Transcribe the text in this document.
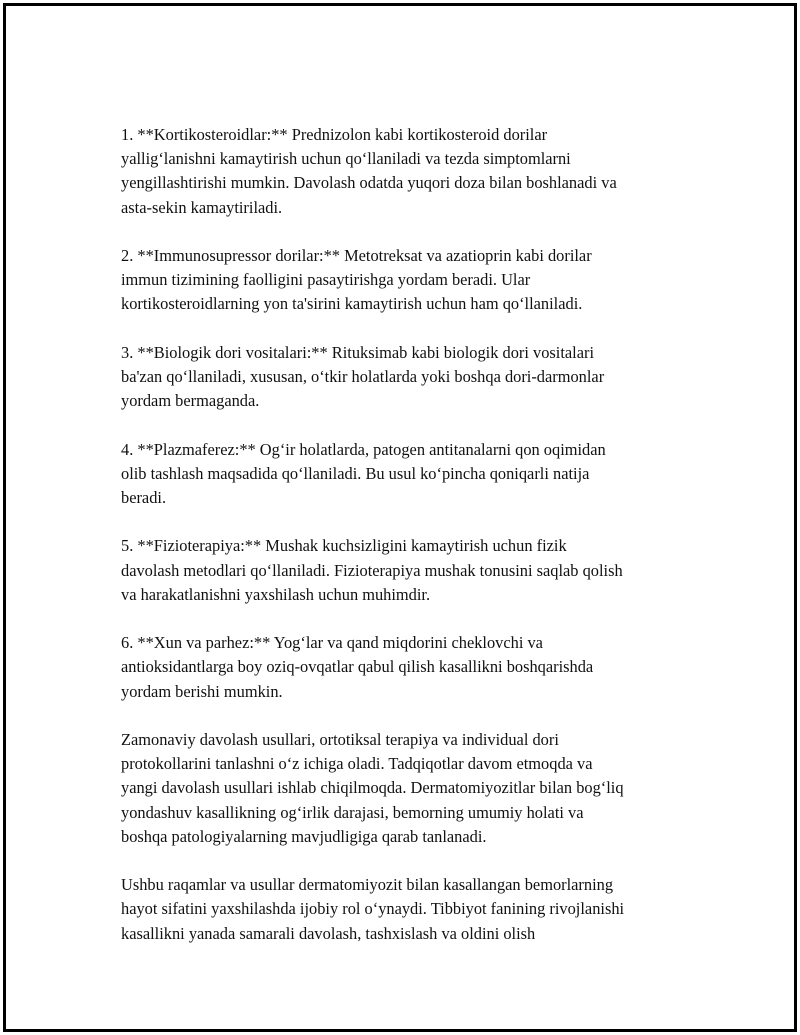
1. **Kortikosteroidlar:** Prednizolon kabi kortikosteroid dorilar
yallig‘lanishni kamaytirish uchun qo‘llaniladi va tezda simptomlarni
yengillashtirishi mumkin. Davolash odatda yuqori doza bilan boshlanadi va
asta-sekin kamaytiriladi.

2. **Immunosupressor dorilar:** Metotreksat va azatioprin kabi dorilar
immun tizimining faolligini pasaytirishga yordam beradi. Ular
kortikosteroidlarning yon ta'sirini kamaytirish uchun ham qo‘llaniladi.

3. **Biologik dori vositalari:** Rituksimab kabi biologik dori vositalari
ba'zan qo‘llaniladi, xususan, o‘tkir holatlarda yoki boshqa dori-darmonlar
yordam bermaganda.

4. **Plazmaferez:** Og‘ir holatlarda, patogen antitanalarni qon oqimidan
olib tashlash maqsadida qo‘llaniladi. Bu usul ko‘pincha qoniqarli natija
beradi.

5. **Fizioterapiya:** Mushak kuchsizligini kamaytirish uchun fizik
davolash metodlari qo‘llaniladi. Fizioterapiya mushak tonusini saqlab qolish
va harakatlanishni yaxshilash uchun muhimdir.

6. **Xun va parhez:** Yog‘lar va qand miqdorini cheklovchi va
antioksidantlarga boy oziq-ovqatlar qabul qilish kasallikni boshqarishda
yordam berishi mumkin.

Zamonaviy davolash usullari, ortotiksal terapiya va individual dori
protokollarini tanlashni o‘z ichiga oladi. Tadqiqotlar davom etmoqda va
yangi davolash usullari ishlab chiqilmoqda. Dermatomiyozitlar bilan bog‘liq
yondashuv kasallikning og‘irlik darajasi, bemorning umumiy holati va
boshqa patologiyalarning mavjudligiga qarab tanlanadi.

Ushbu raqamlar va usullar dermatomiyozit bilan kasallangan bemorlarning
hayot sifatini yaxshilashda ijobiy rol o‘ynaydi. Tibbiyot fanining rivojlanishi
kasallikni yanada samarali davolash, tashxislash va oldini olish
